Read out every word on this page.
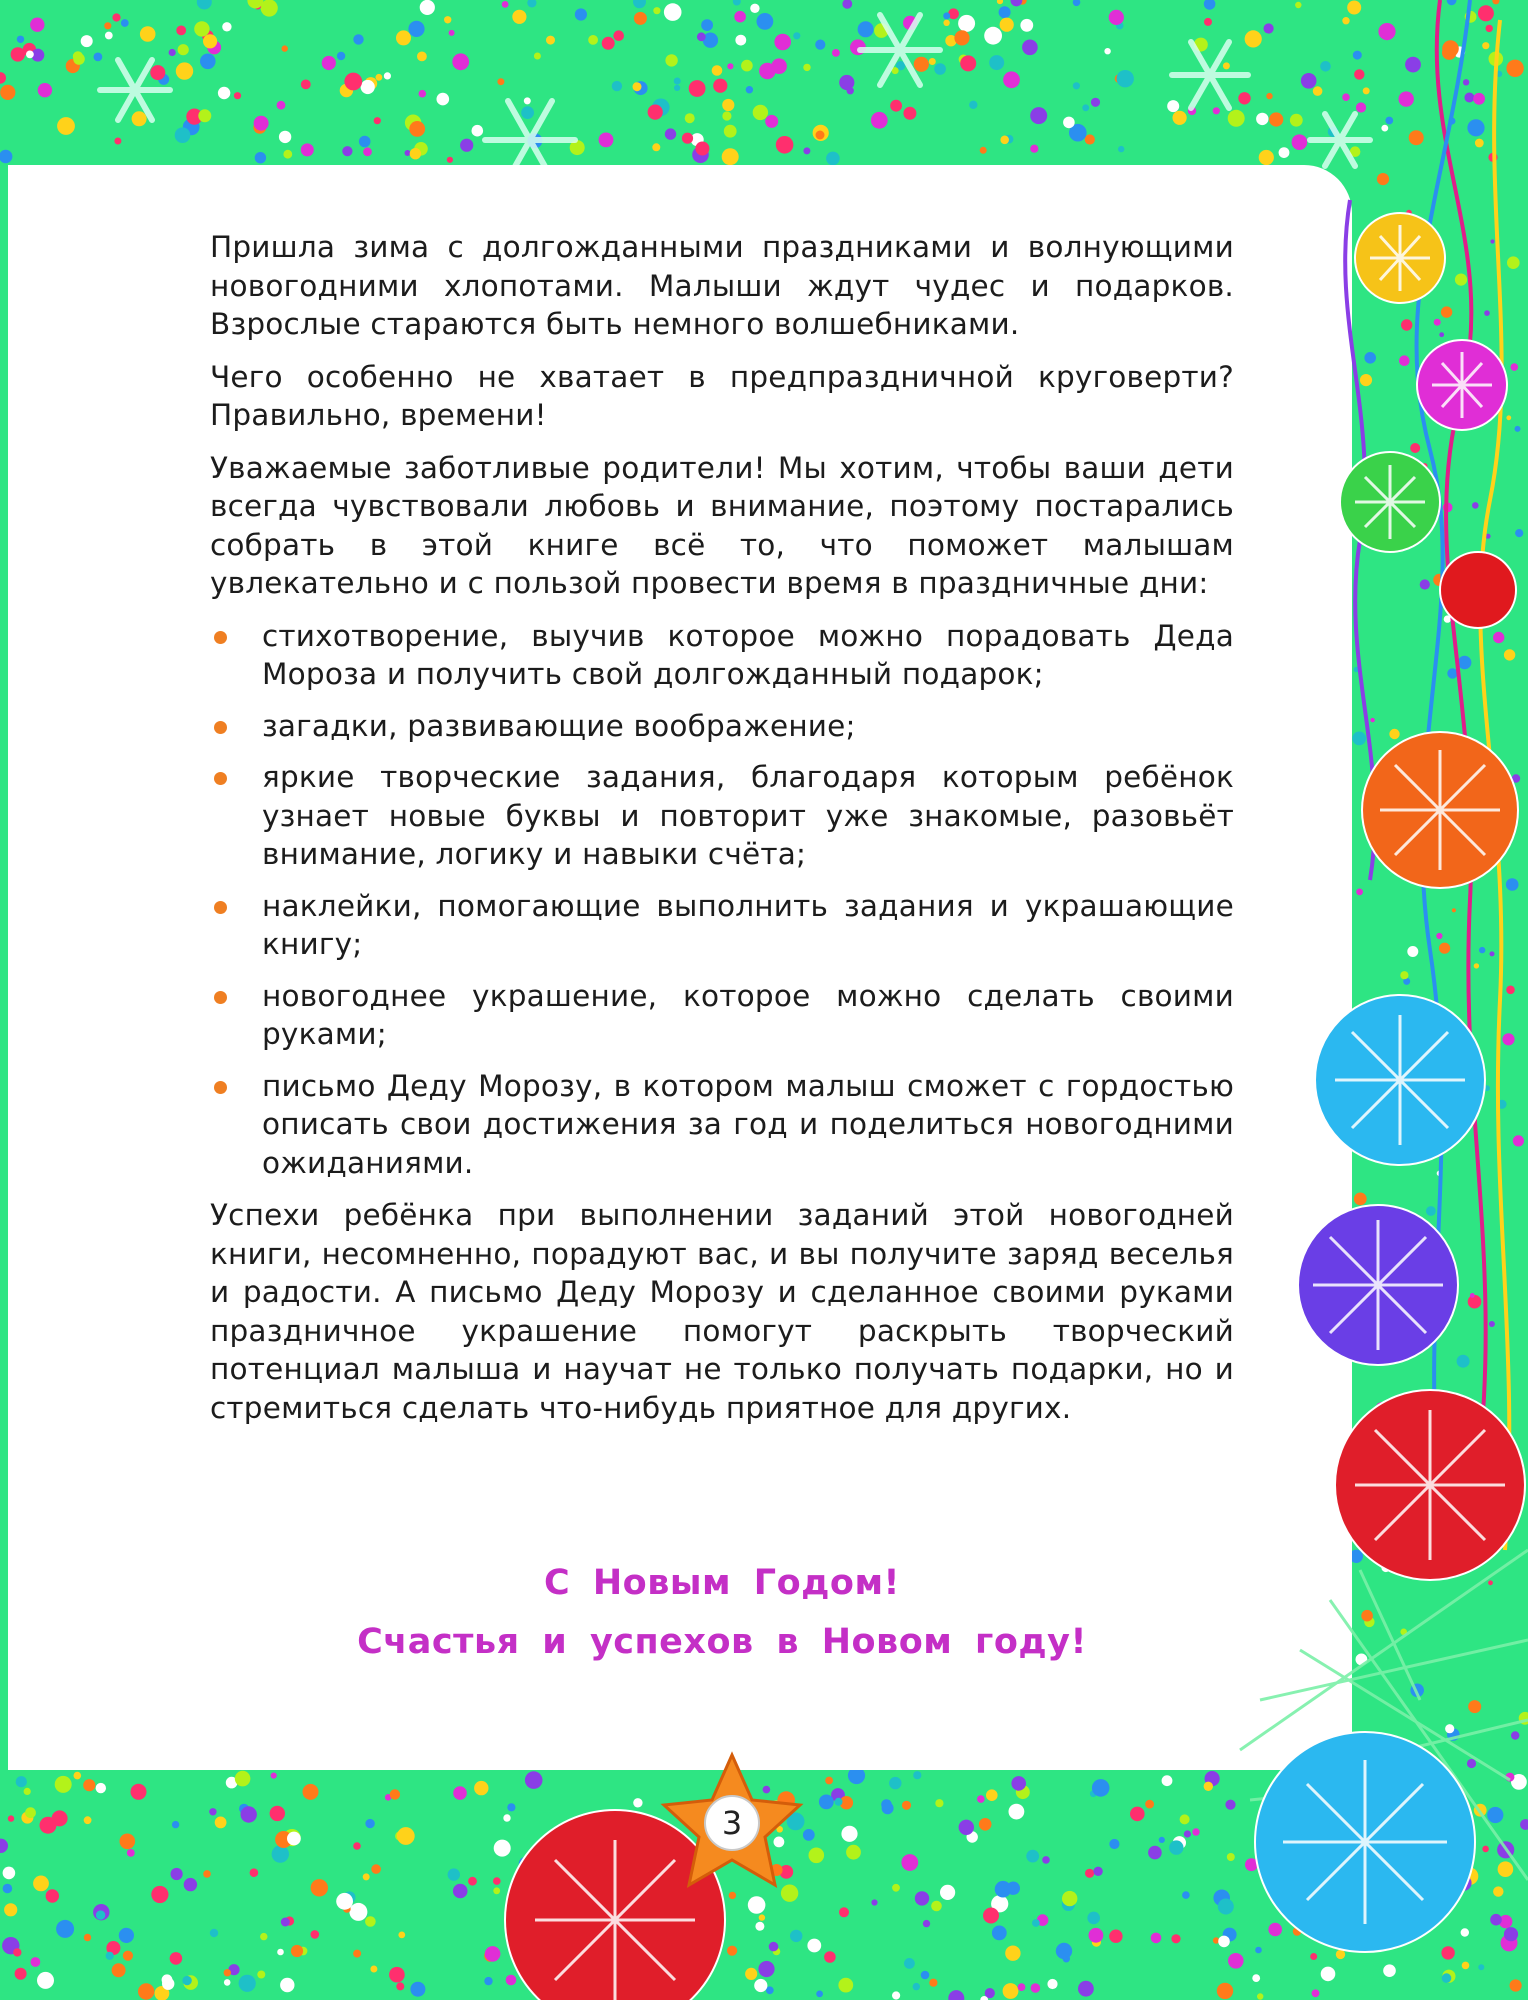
Пришла зима с долгожданными праздниками и волнующими новогодними хлопотами. Малыши ждут чудес и подарков. Взрослые стараются быть немного волшебниками.

Чего особенно не хватает в предпраздничной круговерти? Правильно, времени!

Уважаемые заботливые родители! Мы хотим, чтобы ваши дети всегда чувствовали любовь и внимание, поэтому постарались собрать в этой книге всё то, что поможет малышам увлекательно и с пользой провести время в праздничные дни:

стихотворение, выучив которое можно порадовать Деда Мороза и получить свой долгожданный подарок;
загадки, развивающие воображение;
яркие творческие задания, благодаря которым ребёнок узнает новые буквы и повторит уже знакомые, разовьёт внимание, логику и навыки счёта;
наклейки, помогающие выполнить задания и украшающие книгу;
новогоднее украшение, которое можно сделать своими руками;
письмо Деду Морозу, в котором малыш сможет с гордостью описать свои достижения за год и поделиться новогодними ожиданиями.

Успехи ребёнка при выполнении заданий этой новогодней книги, несомненно, порадуют вас, и вы получите заряд веселья и радости. А письмо Деду Морозу и сделанное своими руками праздничное украшение помогут раскрыть творческий потенциал малыша и научат не только получать подарки, но и стремиться сделать что-нибудь приятное для других.

С Новым Годом!
Счастья и успехов в Новом году!
3
